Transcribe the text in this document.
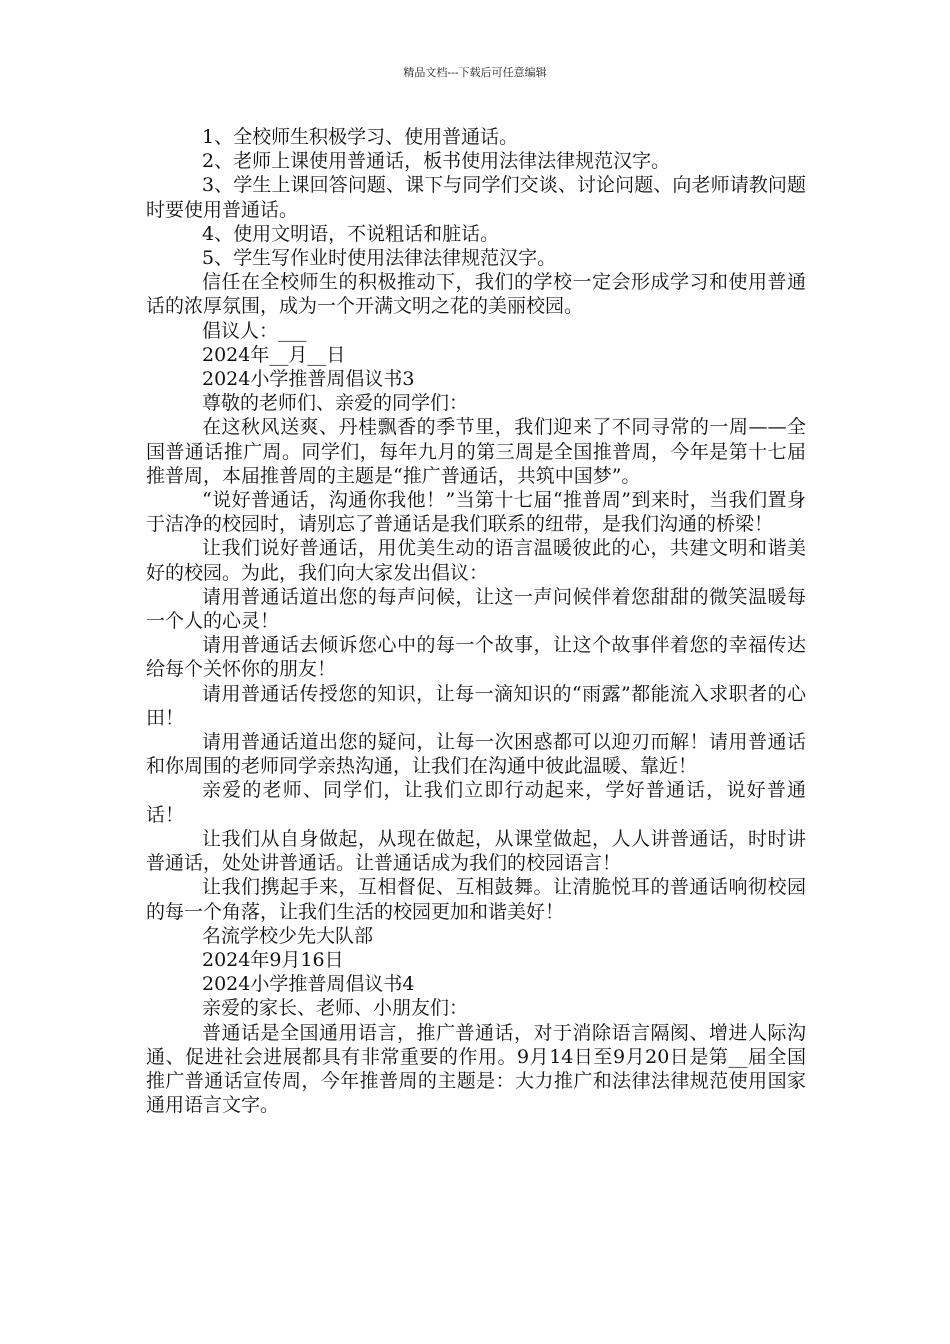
精品文档---下载后可任意编辑

1、全校师生积极学习、使用普通话。

2、老师上课使用普通话，板书使用法律法律规范汉字。

3、学生上课回答问题、课下与同学们交谈、讨论问题、向老师请教问题时要使用普通话。

4、使用文明语，不说粗话和脏话。

5、学生写作业时使用法律法律规范汉字。

信任在全校师生的积极推动下，我们的学校一定会形成学习和使用普通话的浓厚氛围，成为一个开满文明之花的美丽校园。

倡议人：___

2024年__月__日

2024小学推普周倡议书3

尊敬的老师们、亲爱的同学们：

在这秋风送爽、丹桂飘香的季节里，我们迎来了不同寻常的一周——全国普通话推广周。同学们，每年九月的第三周是全国推普周，今年是第十七届推普周，本届推普周的主题是“推广普通话，共筑中国梦”。

“说好普通话，沟通你我他！”当第十七届“推普周”到来时，当我们置身于洁净的校园时，请别忘了普通话是我们联系的纽带，是我们沟通的桥梁！

让我们说好普通话，用优美生动的语言温暖彼此的心，共建文明和谐美好的校园。为此，我们向大家发出倡议：

请用普通话道出您的每声问候，让这一声问候伴着您甜甜的微笑温暖每一个人的心灵！

请用普通话去倾诉您心中的每一个故事，让这个故事伴着您的幸福传达给每个关怀你的朋友！

请用普通话传授您的知识，让每一滴知识的“雨露”都能流入求职者的心田！

请用普通话道出您的疑问，让每一次困惑都可以迎刃而解！请用普通话和你周围的老师同学亲热沟通，让我们在沟通中彼此温暖、靠近！

亲爱的老师、同学们，让我们立即行动起来，学好普通话，说好普通话！

让我们从自身做起，从现在做起，从课堂做起，人人讲普通话，时时讲普通话，处处讲普通话。让普通话成为我们的校园语言！

让我们携起手来，互相督促、互相鼓舞。让清脆悦耳的普通话响彻校园的每一个角落，让我们生活的校园更加和谐美好！

名流学校少先大队部

2024年9月16日

2024小学推普周倡议书4

亲爱的家长、老师、小朋友们：

普通话是全国通用语言，推广普通话，对于消除语言隔阂、增进人际沟通、促进社会进展都具有非常重要的作用。9月14日至9月20日是第__届全国推广普通话宣传周，今年推普周的主题是：大力推广和法律法律规范使用国家通用语言文字。
